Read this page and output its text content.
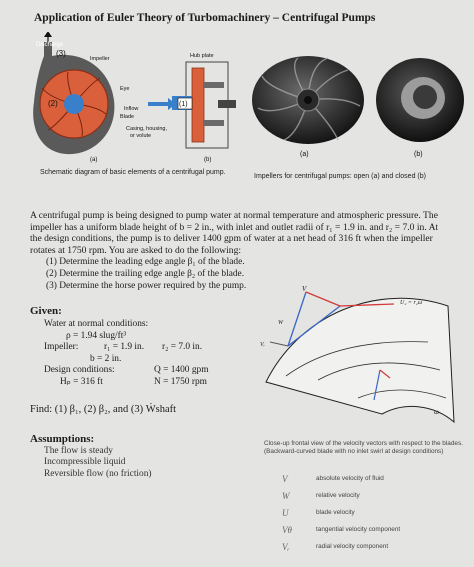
Application of Euler Theory of Turbomachinery – Centrifugal Pumps
Discharge
(3)
(2)
Impeller
Eye
Inflow
Blade
Casing, housing,
or volute
Hub plate
(1)
(a)	(b)
Schematic diagram of basic elements of a centrifugal pump.
(a)	(b)
Impellers for centrifugal pumps: open (a) and closed (b)
A centrifugal pump is being designed to pump water at normal temperature and atmospheric pressure. The impeller has a uniform blade height of b = 2 in., with inlet and outlet radii of r₁ = 1.9 in. and r₂ = 7.0 in. At the design conditions, the pump is to deliver 1400 gpm of water at a net head of 316 ft when the impeller rotates at 1750 rpm. You are asked to do the following:
(1) Determine the leading edge angle β₁ of the blade.
(2) Determine the trailing edge angle β₂ of the blade.
(3) Determine the horse power required by the pump.
Given:
Water at normal conditions:
ρ = 1.94 slug/ft³
Impeller:	r₁ = 1.9 in.	r₂ = 7.0 in.
b = 2 in.
Design conditions:	Q = 1400 gpm
Hₚ = 316 ft	N = 1750 rpm
Find: (1) β₁, (2) β₂, and (3) Ẇshaft
Assumptions:
The flow is steady
Incompressible liquid
Reversible flow (no friction)
V
U₂ = r₂ω
Vᵣ
W
ω
Close-up frontal view of the velocity vectors with respect to the blades. (Backward-curved blade with no inlet swirl at design conditions)
V	absolute velocity of fluid
W	relative velocity
U	blade velocity
Vθ	tangential velocity component
Vᵣ	radial velocity component
